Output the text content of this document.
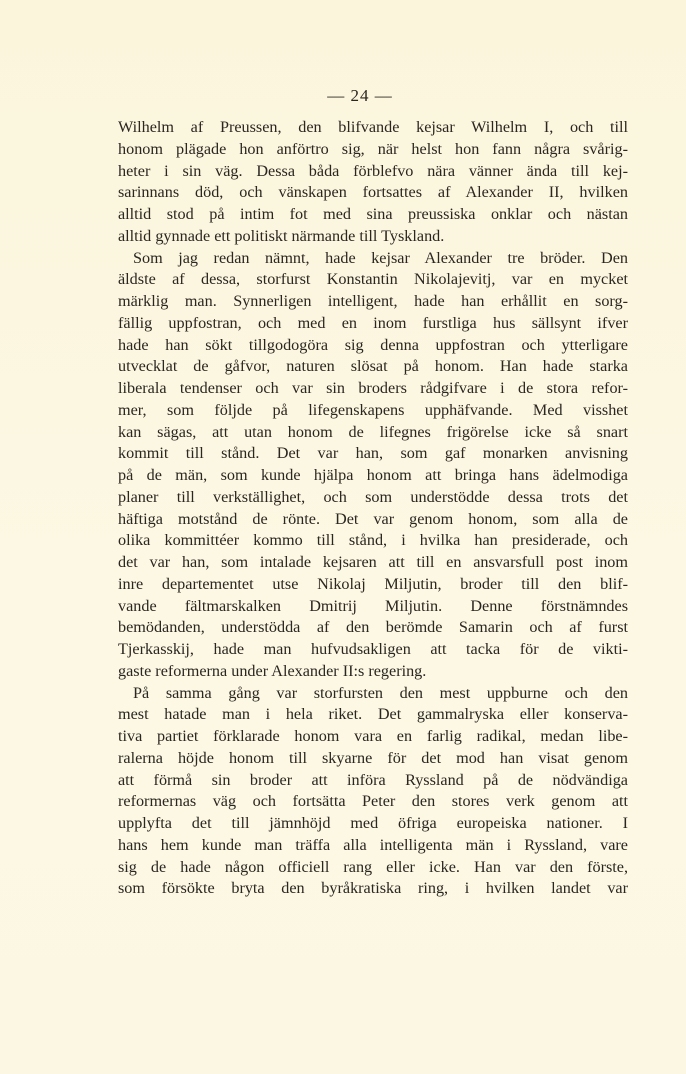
— 24 —
Wilhelm af Preussen, den blifvande kejsar Wilhelm I, och till
honom plägade hon anförtro sig, när helst hon fann några svårig-
heter i sin väg. Dessa båda förblefvo nära vänner ända till kej-
sarinnans död, och vänskapen fortsattes af Alexander II, hvilken
alltid stod på intim fot med sina preussiska onklar och nästan
alltid gynnade ett politiskt närmande till Tyskland.
Som jag redan nämnt, hade kejsar Alexander tre bröder. Den
äldste af dessa, storfurst Konstantin Nikolajevitj, var en mycket
märklig man. Synnerligen intelligent, hade han erhållit en sorg-
fällig uppfostran, och med en inom furstliga hus sällsynt ifver
hade han sökt tillgodogöra sig denna uppfostran och ytterligare
utvecklat de gåfvor, naturen slösat på honom. Han hade starka
liberala tendenser och var sin broders rådgifvare i de stora refor-
mer, som följde på lifegenskapens upphäfvande. Med visshet
kan sägas, att utan honom de lifegnes frigörelse icke så snart
kommit till stånd. Det var han, som gaf monarken anvisning
på de män, som kunde hjälpa honom att bringa hans ädelmodiga
planer till verkställighet, och som understödde dessa trots det
häftiga motstånd de rönte. Det var genom honom, som alla de
olika kommittéer kommo till stånd, i hvilka han presiderade, och
det var han, som intalade kejsaren att till en ansvarsfull post inom
inre departementet utse Nikolaj Miljutin, broder till den blif-
vande fältmarskalken Dmitrij Miljutin. Denne förstnämndes
bemödanden, understödda af den berömde Samarin och af furst
Tjerkasskij, hade man hufvudsakligen att tacka för de vikti-
gaste reformerna under Alexander II:s regering.
På samma gång var storfursten den mest uppburne och den
mest hatade man i hela riket. Det gammalryska eller konserva-
tiva partiet förklarade honom vara en farlig radikal, medan libe-
ralerna höjde honom till skyarne för det mod han visat genom
att förmå sin broder att införa Ryssland på de nödvändiga
reformernas väg och fortsätta Peter den stores verk genom att
upplyfta det till jämnhöjd med öfriga europeiska nationer. I
hans hem kunde man träffa alla intelligenta män i Ryssland, vare
sig de hade någon officiell rang eller icke. Han var den förste,
som försökte bryta den byråkratiska ring, i hvilken landet var
